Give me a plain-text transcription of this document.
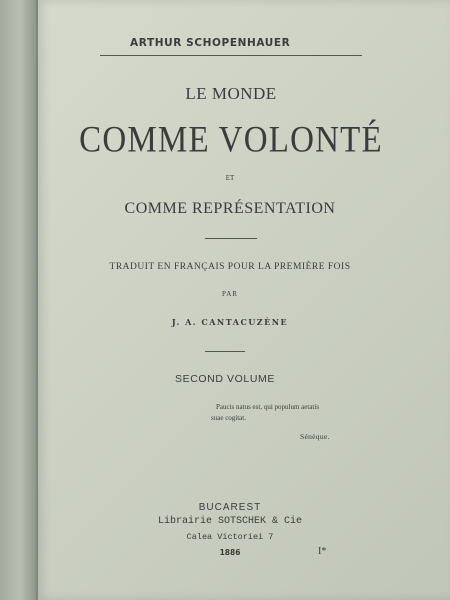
ARTHUR SCHOPENHAUER

LE MONDE

COMME VOLONTÉ

ET

COMME REPRÉSENTATION

TRADUIT EN FRANÇAIS POUR LA PREMIÈRE FOIS

PAR

J. A. CANTACUZÈNE

SECOND VOLUME

Paucis natus est, qui populum aetatis

suae cogitat.

Sénèque.

BUCAREST

Librairie SOTSCHEK & Cie

Calea Victoriei 7

1886	I*
